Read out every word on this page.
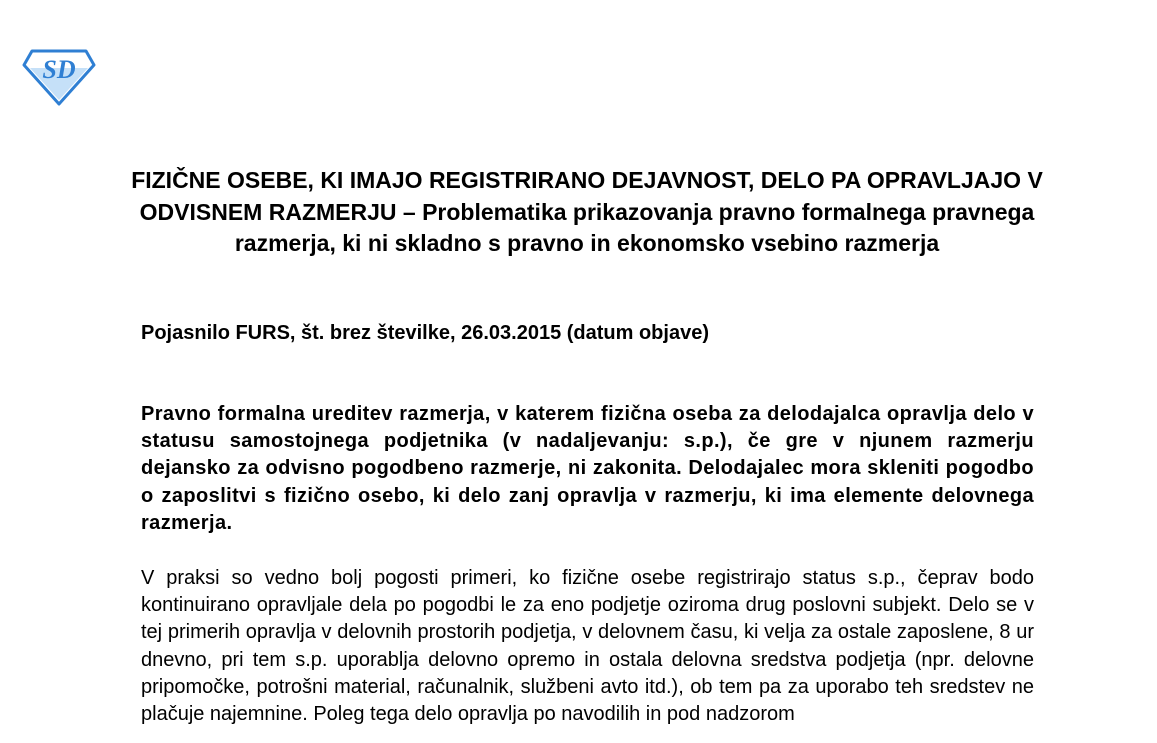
SD
FIZIČNE OSEBE, KI IMAJO REGISTRIRANO DEJAVNOST, DELO PA OPRAVLJAJO V ODVISNEM RAZMERJU – Problematika prikazovanja pravno formalnega pravnega razmerja, ki ni skladno s pravno in ekonomsko vsebino razmerja
Pojasnilo FURS, št. brez številke, 26.03.2015 (datum objave)
Pravno formalna ureditev razmerja, v katerem fizična oseba za delodajalca opravlja delo v statusu samostojnega podjetnika (v nadaljevanju: s.p.), če gre v njunem razmerju dejansko za odvisno pogodbeno razmerje, ni zakonita. Delodajalec mora skleniti pogodbo o zaposlitvi s fizično osebo, ki delo zanj opravlja v razmerju, ki ima elemente delovnega razmerja.
V praksi so vedno bolj pogosti primeri, ko fizične osebe registrirajo status s.p., čeprav bodo kontinuirano opravljale dela po pogodbi le za eno podjetje oziroma drug poslovni subjekt. Delo se v tej primerih opravlja v delovnih prostorih podjetja, v delovnem času, ki velja za ostale zaposlene, 8 ur dnevno, pri tem s.p. uporablja delovno opremo in ostala delovna sredstva podjetja (npr. delovne pripomočke, potrošni material, računalnik, službeni avto itd.), ob tem pa za uporabo teh sredstev ne plačuje najemnine. Poleg tega delo opravlja po navodilih in pod nadzorom
